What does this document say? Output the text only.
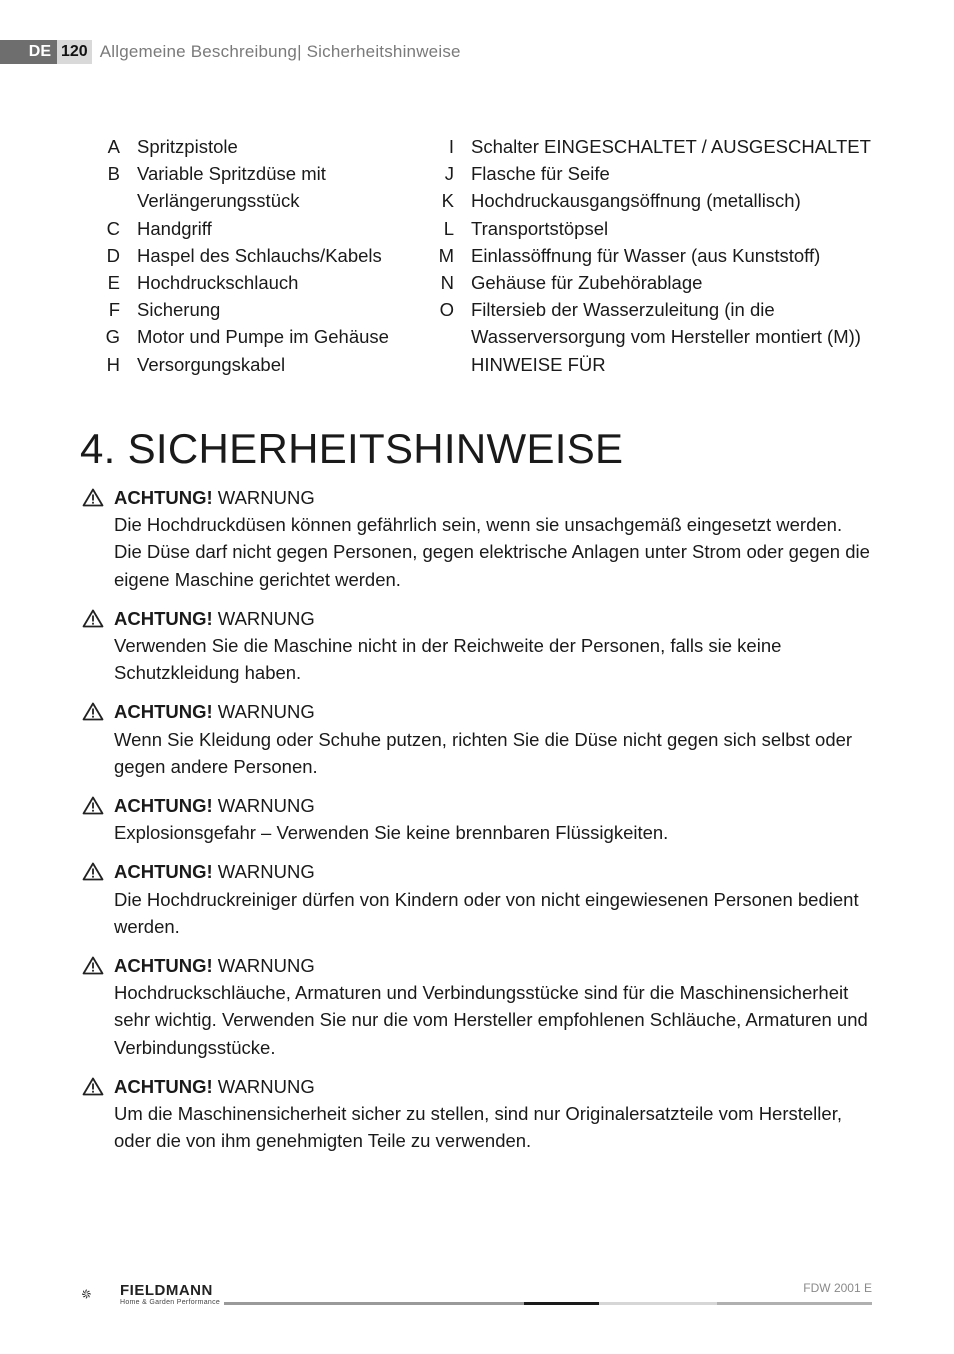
DE 120 Allgemeine Beschreibung| Sicherheitshinweise
A Spritzpistole
B Variable Spritzdüse mit Verlängerungsstück
C Handgriff
D Haspel des Schlauchs/Kabels
E Hochdruckschlauch
F Sicherung
G Motor und Pumpe im Gehäuse
H Versorgungskabel
I Schalter EINGESCHALTET / AUSGESCHALTET
J Flasche für Seife
K Hochdruckausgangsöffnung (metallisch)
L Transportstöpsel
M Einlassöffnung für Wasser (aus Kunststoff)
N Gehäuse für Zubehörablage
O Filtersieb der Wasserzuleitung (in die Wasserversorgung vom Hersteller montiert (M)) HINWEISE FÜR
4. SICHERHEITSHINWEISE
ACHTUNG! WARNUNG
Die Hochdruckdüsen können gefährlich sein, wenn sie unsachgemäß eingesetzt werden.
Die Düse darf nicht gegen Personen, gegen elektrische Anlagen unter Strom oder gegen die eigene Maschine gerichtet werden.
ACHTUNG! WARNUNG
Verwenden Sie die Maschine nicht in der Reichweite der Personen, falls sie keine Schutzkleidung haben.
ACHTUNG! WARNUNG
Wenn Sie Kleidung oder Schuhe putzen, richten Sie die Düse nicht gegen sich selbst oder gegen andere Personen.
ACHTUNG! WARNUNG
Explosionsgefahr – Verwenden Sie keine brennbaren Flüssigkeiten.
ACHTUNG! WARNUNG
Die Hochdruckreiniger dürfen von Kindern oder von nicht eingewiesenen Personen bedient werden.
ACHTUNG! WARNUNG
Hochdruckschläuche, Armaturen und Verbindungsstücke sind für die Maschinensicherheit sehr wichtig. Verwenden Sie nur die vom Hersteller empfohlenen Schläuche, Armaturen und Verbindungsstücke.
ACHTUNG! WARNUNG
Um die Maschinensicherheit sicher zu stellen, sind nur Originalersatzteile vom Hersteller, oder die von ihm genehmigten Teile zu verwenden.
FIELDMANN
Home & Garden Performance
FDW 2001 E
